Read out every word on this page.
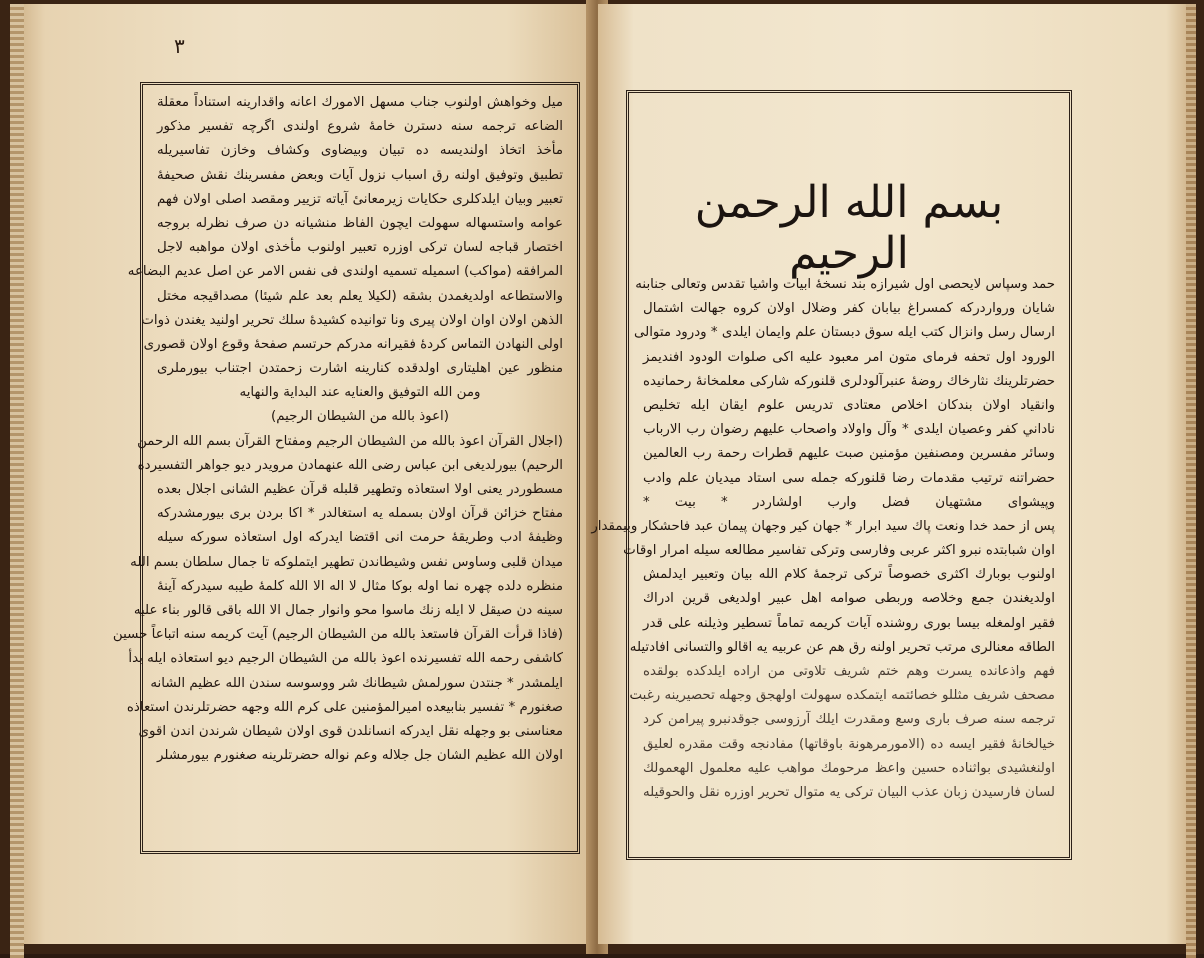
٣
میل وخواهش اولنوب جناب مسهل الامورك اعانه واقدارینه استناداً معقلة
الضاعه ترجمه سنه دسترن خامهٔ شروع اولندی اگرچه تفسیر مذكور
مأخذ اتخاذ اولندیسه ده تبیان وبیضاوی وكشاف وخازن تفاسیریله
تطبیق وتوفیق اولنه رق اسباب نزول آیات وبعض مفسرینك نقش صحیفهٔ
تعبیر وبیان ایلدكلری حكایات زیرمعانیٔ آیاته تزییر ومقصد اصلی اولان فهم
عوامه واستسهاله سهولت ایچون الفاظ منشیانه دن صرف نظرله بروجه
اختصار قباجه لسان تركی اوزره تعبیر اولنوب مأخذی اولان مواهبه لاجل
المرافقه (مواكب) اسمیله تسمیه اولندی فی نفس الامر عن اصل عدیم البضاعه
والاستطاعه اولدیغمدن بشقه (لكیلا یعلم بعد علم شیئا) مصداقیجه مختل
الذهن اولان اوان اولان پیری ونا توانیده كشیدهٔ سلك تحریر اولنید یغندن ذوات
اولی النهادن التماس كردهٔ فقیرانه مدركم حرتسم صفحهٔ وقوع اولان قصوری
منظور عین اهلیتاری اولدقده كنارینه اشارت زحمتدن اجتناب بیورملری
ومن الله التوفیق والعنایه عند البدایة والنهایه
(اعوذ بالله من الشیطان الرجیم)
(اجلال القرآن اعوذ بالله من الشیطان الرجیم ومفتاح القرآن بسم الله الرحمن
الرحیم) بیورلدیغی ابن عباس رضی الله عنهمادن مرویدر دیو جواهر التفسیرده
مسطوردر یعنی اولا استعاذه وتطهیر قلبله قرآن عظیم الشانی اجلال بعده
مفتاح خزائن قرآن اولان بسمله یه استغالدر * اكا بردن بری بیورمشدركه
وظیفهٔ ادب وطریقهٔ حرمت انی اقتضا ایدركه اول استعاذه سوركه سیله
میدان قلبی وساوس نفس وشیطاندن تطهیر ایتملوكه تا جمال سلطان بسم الله
منظره دلده چهره نما اوله بوكا مثال لا اله الا الله كلمهٔ طیبه سیدركه آینهٔ
سینه دن صیقل لا ایله زنك ماسوا محو وانوار جمال الا الله باقی قالور بناء علیه
(فاذا قرأت القرآن فاستعذ بالله من الشیطان الرجیم) آیت كریمه سنه اتباعاً حسین
كاشفی رحمه الله تفسیرنده اعوذ بالله من الشیطان الرجیم دیو استعاذه ایله بدأ
ایلمشدر * جنتدن سورلمش شیطانك شر ووسوسه سندن الله عظیم الشانه
صغنورم * تفسیر بنابیعده امیرالمؤمنین علی كرم الله وجهه حضرتلرندن استعاذه
معناسنی بو وجهله نقل ایدركه انسانلدن قوی اولان شیطان شرندن اندن اقوی
اولان الله عظیم الشان جل جلاله وعم نواله حضرتلرینه صغنورم بیورمشلر
بسم الله الرحمن الرحیم
حمد وسپاس لایحصی اول شیرازه بند نسخهٔ ابیات واشیا تقدس وتعالی جنابنه
شایان ورواردركه كمسراغ بیابان كفر وضلال اولان كروه جهالت اشتمال
ارسال رسل وانزال كتب ایله سوق دبستان علم وایمان ایلدی * ودرود متوالی
الورود اول تحفه فرمای متون امر معبود علیه اكی صلوات الودود افندیمز
حضرتلرینك نثارخاك روضهٔ عنبرآلودلری قلنوركه شاركی معلمخانهٔ رحمانیده
وانقیاد اولان بندكان اخلاص معتادی تدریس علوم ایقان ایله تخلیص
ناداني كفر وعصیان ایلدی * وآل واولاد واصحاب علیهم رضوان رب الارباب
وسائر مفسرین ومصنفین مؤمنین صبت علیهم قطرات رحمة رب العالمین
حضراتنه ترتیب مقدمات رضا قلنوركه جمله سی استاد میدیان علم وادب
وپیشوای مشتهیان فضل وارب اولشاردر * بیت *
پس از حمد خدا ونعت پاك سید ابرار * جهان كیر وجهان پیمان عبد فاحشكار وبیمقدار
اوان شبابتده نبرو اكثر عربی وفارسی وتركی تفاسیر مطالعه سیله امرار اوقات
اولنوب بوبارك اكثری خصوصاً تركی ترجمهٔ كلام الله بیان وتعبیر ایدلمش
اولدیغندن جمع وخلاصه وربطی صوامه اهل عبیر اولدیغی قرین ادراك
فقیر اولمغله بیسا بوری روشنده آیات كریمه تماماً تسطیر وذیلنه علی قدر
الطاقه معنالری مرتب تحریر اولنه رق هم عن عربیه یه اقالو والتسانی افادتیله
فهم واذعانده یسرت وهم ختم شریف تلاوتی من اراده ایلدكده بولقده
مصحف شریف مثللو خصائتمه ایتمكده سهولت اولهجق وجهله تحصیرینه رغبت
ترجمه سنه صرف باری وسع ومقدرت ایلك آرزوسی جوقدنبرو پیرامن كرد
خیالخانهٔ فقیر ایسه ده (الامورمرهونة باوقاتها) مفادنجه وقت مقدره لعلیق
اولنغشیدی بواثناده حسین واعظ مرحومك مواهب علیه معلمول الهعمولك
لسان فارسیدن زبان عذب البیان تركی یه متوال تحریر اوزره نقل والحوقیله
